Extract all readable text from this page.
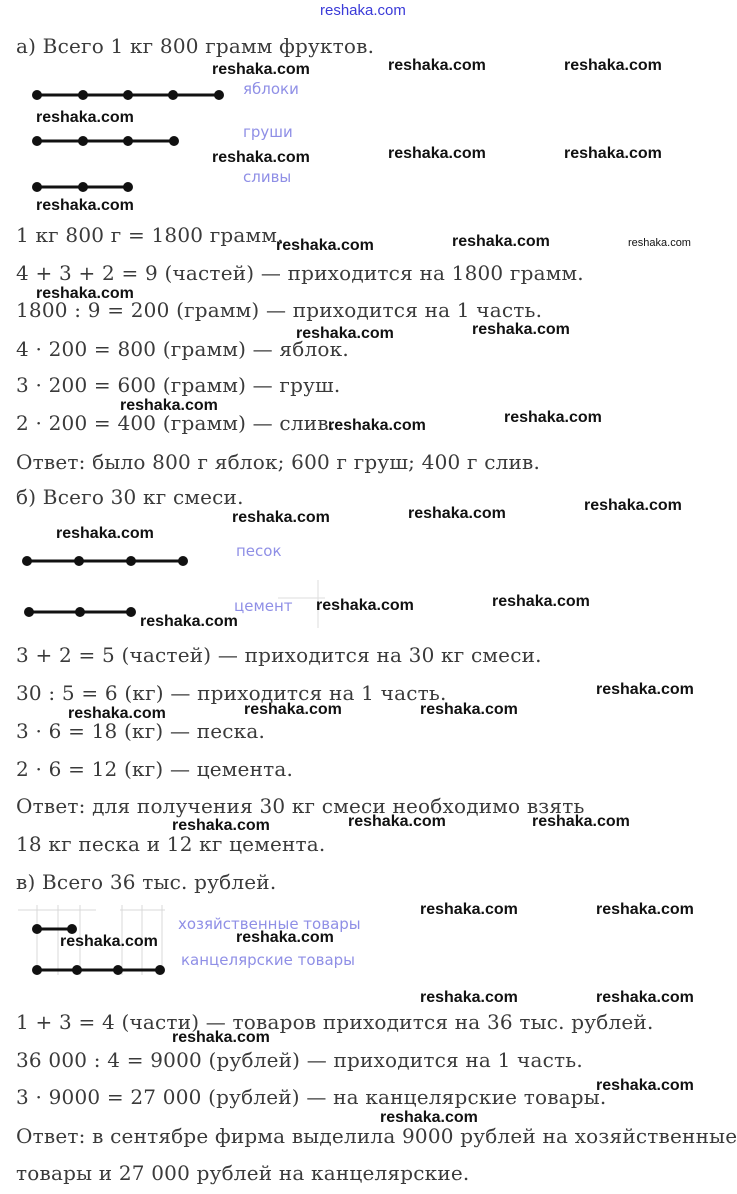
reshaka.com
а) Всего 1 кг 800 грамм фруктов.
яблоки
груши
сливы
1 кг 800 г = 1800 грамм.
4 + 3 + 2 = 9 (частей) — приходится на 1800 грамм.
1800 : 9 = 200 (грамм) — приходится на 1 часть.
4 · 200 = 800 (грамм) — яблок.
3 · 200 = 600 (грамм) — груш.
2 · 200 = 400 (грамм) — слив.
Ответ: было 800 г яблок; 600 г груш; 400 г слив.
б) Всего 30 кг смеси.
песок
цемент
3 + 2 = 5 (частей) — приходится на 30 кг смеси.
30 : 5 = 6 (кг) — приходится на 1 часть.
3 · 6 = 18 (кг) — песка.
2 · 6 = 12 (кг) — цемента.
Ответ: для получения 30 кг смеси необходимо взять
18 кг песка и 12 кг цемента.
в) Всего 36 тыс. рублей.
хозяйственные товары
канцелярские товары
1 + 3 = 4 (части) — товаров приходится на 36 тыс. рублей.
36 000 : 4 = 9000 (рублей) — приходится на 1 часть.
3 · 9000 = 27 000 (рублей) — на канцелярские товары.
Ответ: в сентябре фирма выделила 9000 рублей на хозяйственные
товары и 27 000 рублей на канцелярские.
reshaka.com	reshaka.com	reshaka.com
reshaka.com
reshaka.com	reshaka.com	reshaka.com
reshaka.com
reshaka.com	reshaka.com	reshaka.com
reshaka.com
reshaka.com	reshaka.com
reshaka.com
reshaka.com	reshaka.com
reshaka.com	reshaka.com	reshaka.com
reshaka.com
reshaka.com	reshaka.com
reshaka.com
reshaka.com
reshaka.com	reshaka.com	reshaka.com
reshaka.com	reshaka.com	reshaka.com
reshaka.com	reshaka.com
reshaka.com	reshaka.com
reshaka.com	reshaka.com
reshaka.com
reshaka.com
reshaka.com
